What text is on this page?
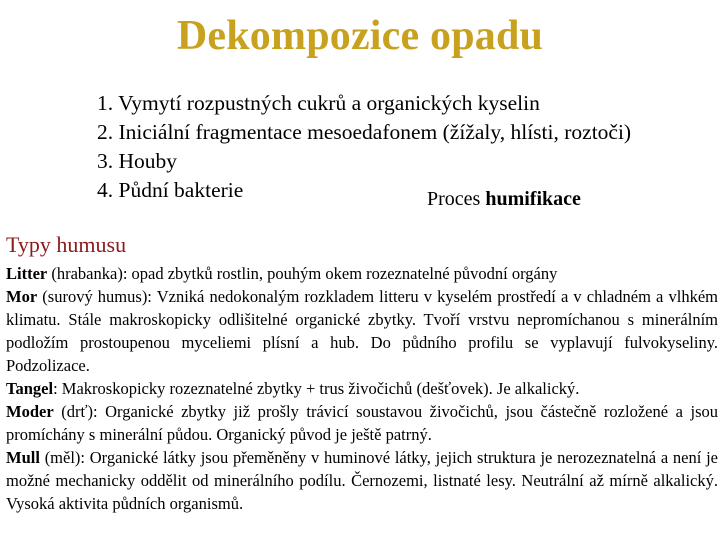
Dekompozice opadu
1. Vymytí rozpustných cukrů a organických kyselin
2. Iniciální fragmentace mesoedafonem (žížaly, hlísti, roztoči)
3. Houby
4. Půdní bakterie	Proces humifikace
Typy humusu

Litter (hrabanka): opad zbytků rostlin, pouhým okem rozeznatelné původní orgány

Mor (surový humus): Vzniká nedokonalým rozkladem litteru v kyselém prostředí a v chladném a vlhkém klimatu. Stále makroskopicky odlišitelné organické zbytky. Tvoří vrstvu nepromíchanou s minerálním podložím prostoupenou myceliemi plísní a hub. Do půdního profilu se vyplavují fulvokyseliny. Podzolizace.

Tangel: Makroskopicky rozeznatelné zbytky + trus živočichů (dešťovek). Je alkalický.

Moder (drť): Organické zbytky již prošly trávicí soustavou živočichů, jsou částečně rozložené a jsou promíchány s minerální půdou. Organický původ je ještě patrný.

Mull (měl): Organické látky jsou přeměněny v huminové látky, jejich struktura je nerozeznatelná a není je možné mechanicky oddělit od minerálního podílu. Černozemi, listnaté lesy. Neutrální až mírně alkalický. Vysoká aktivita půdních organismů.
